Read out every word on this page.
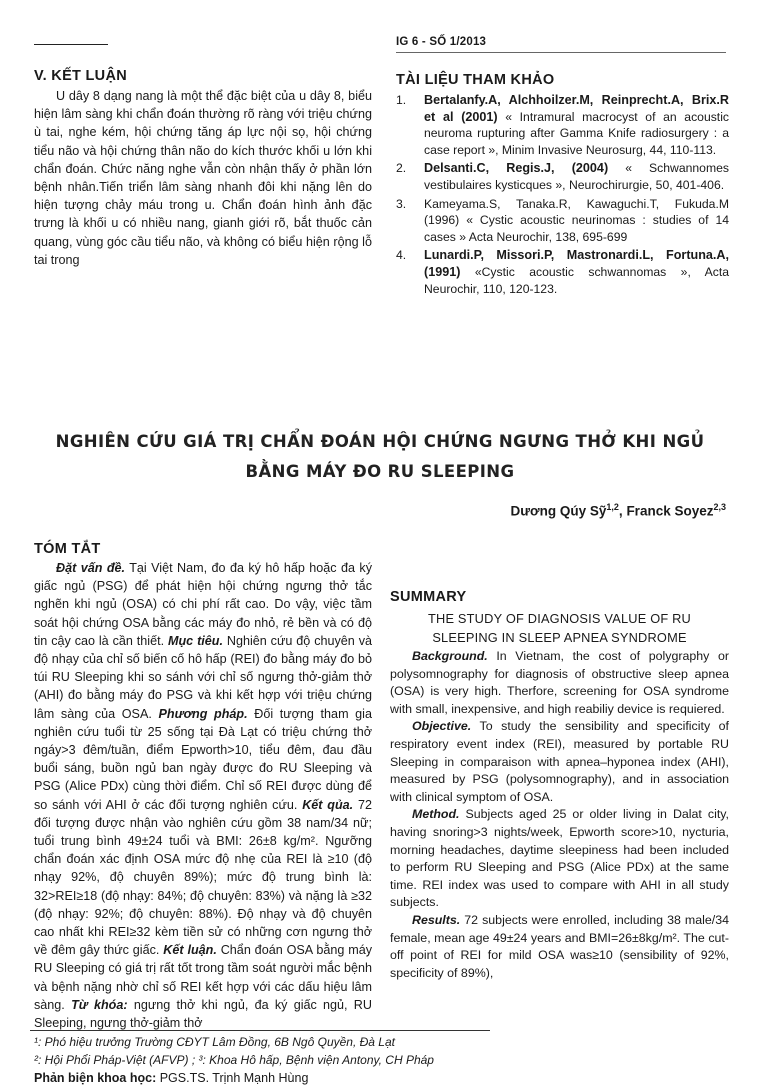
IG 6 - SỐ 1/2013

V. KẾT LUẬN

U dây 8 dạng nang là một thể đặc biệt của u dây 8, biểu hiện lâm sàng khi chẩn đoán thường rõ ràng với triệu chứng ù tai, nghe kém, hội chứng tăng áp lực nội sọ, hội chứng tiểu não và hội chứng thân não do kích thước khối u lớn khi chẩn đoán. Chức năng nghe vẫn còn nhận thấy ở phần lớn bệnh nhân.Tiến triển lâm sàng nhanh đôi khi nặng lên do hiện tượng chảy máu trong u. Chẩn đoán hình ảnh đặc trưng là khối u có nhiều nang, gianh giới rõ, bắt thuốc cản quang, vùng góc cầu tiểu não, và không có biểu hiện rộng lỗ tai trong

TÀI LIỆU THAM KHẢO

1. Bertalanfy.A, Alchhoilzer.M, Reinprecht.A, Brix.R et al (2001) « Intramural macrocyst of an acoustic neuroma rupturing after Gamma Knife radiosurgery : a case report », Minim Invasive Neurosurg, 44, 110-113.
2. Delsanti.C, Regis.J, (2004) « Schwannomes vestibulaires kysticques », Neurochirurgie, 50, 401-406.
3. Kameyama.S, Tanaka.R, Kawaguchi.T, Fukuda.M (1996) « Cystic acoustic neurinomas : studies of 14 cases » Acta Neurochir, 138, 695-699
4. Lunardi.P, Missori.P, Mastronardi.L, Fortuna.A, (1991) «Cystic acoustic schwannomas », Acta Neurochir, 110, 120-123.
NGHIÊN CỨU GIÁ TRỊ CHẨN ĐOÁN HỘI CHỨNG NGƯNG THỞ KHI NGỦ
BẰNG MÁY ĐO RU SLEEPING
Dương Qúy Sỹ$^{1,2}$, Franck Soyez$^{2,3}$

TÓM TẮT

Đặt vấn đề. Tại Việt Nam, đo đa ký hô hấp hoặc đa ký giấc ngủ (PSG) để phát hiện hội chứng ngưng thở tắc nghẽn khi ngủ (OSA) có chi phí rất cao. Do vậy, việc tầm soát hội chứng OSA bằng các máy đo nhỏ, rẻ bền và có độ tin cậy cao là cần thiết. Mục tiêu. Nghiên cứu độ chuyên và độ nhạy của chỉ số biến cố hô hấp (REI) đo bằng máy đo bỏ túi RU Sleeping khi so sánh với chỉ số ngưng thở-giảm thở (AHI) đo bằng máy đo PSG và khi kết hợp với triệu chứng lâm sàng của OSA. Phương pháp. Đối tượng tham gia nghiên cứu tuổi từ 25 sống tại Đà Lạt có triệu chứng thở ngáy>3 đêm/tuần, điểm Epworth>10, tiểu đêm, đau đầu buổi sáng, buồn ngủ ban ngày được đo RU Sleeping và PSG (Alice PDx) cùng thời điểm. Chỉ số REI được dùng để so sánh với AHI ở các đối tượng nghiên cứu. Kết qủa. 72 đối tượng được nhận vào nghiên cứu gồm 38 nam/34 nữ; tuổi trung bình 49±24 tuổi và BMI: 26±8 kg/m². Ngưỡng chẩn đoán xác định OSA mức độ nhẹ của REI là ≥10 (độ nhạy 92%, độ chuyên 89%); mức độ trung bình là: 32>REI≥18 (độ nhạy: 84%; độ chuyên: 83%) và nặng là ≥32 (độ nhạy: 92%; độ chuyên: 88%). Độ nhạy và độ chuyên cao nhất khi REI≥32 kèm tiền sử có những cơn ngưng thở về đêm gây thức giấc. Kết luận. Chẩn đoán OSA bằng máy RU Sleeping có giá trị rất tốt trong tầm soát người mắc bệnh và bệnh nặng nhờ chỉ số REI kết hợp với các dấu hiệu lâm sàng. Từ khóa: ngưng thở khi ngủ, đa ký giấc ngủ, RU Sleeping, ngưng thở-giảm thở

SUMMARY

THE STUDY OF DIAGNOSIS VALUE OF RU

SLEEPING IN SLEEP APNEA SYNDROME

Background. In Vietnam, the cost of polygraphy or polysomnography for diagnosis of obstructive sleep apnea (OSA) is very high. Therfore, screening for OSA syndrome with small, inexpensive, and high reabiliy device is requiered.

Objective. To study the sensibility and specificity of respiratory event index (REI), measured by portable RU Sleeping in comparaison with apnea–hyponea index (AHI), measured by PSG (polysomnography), and in association with clinical symptom of OSA.

Method. Subjects aged 25 or older living in Dalat city, having snoring>3 nights/week, Epworth score>10, nycturia, morning headaches, daytime sleepiness had been included to perform RU Sleeping and PSG (Alice PDx) at the same time. REI index was used to compare with AHI in all study subjects.

Results. 72 subjects were enrolled, including 38 male/34 female, mean age 49±24 years and BMI=26±8kg/m². The cut-off point of REI for mild OSA was≥10 (sensibility of 92%, specificity of 89%),

¹: Phó hiệu trưởng Trường CĐYT Lâm Đồng, 6B Ngô Quyền, Đà Lạt
²: Hội Phổi Pháp-Việt (AFVP) ; ³: Khoa Hô hấp, Bệnh viện Antony, CH Pháp
Phản biện khoa học: PGS.TS. Trịnh Mạnh Hùng
